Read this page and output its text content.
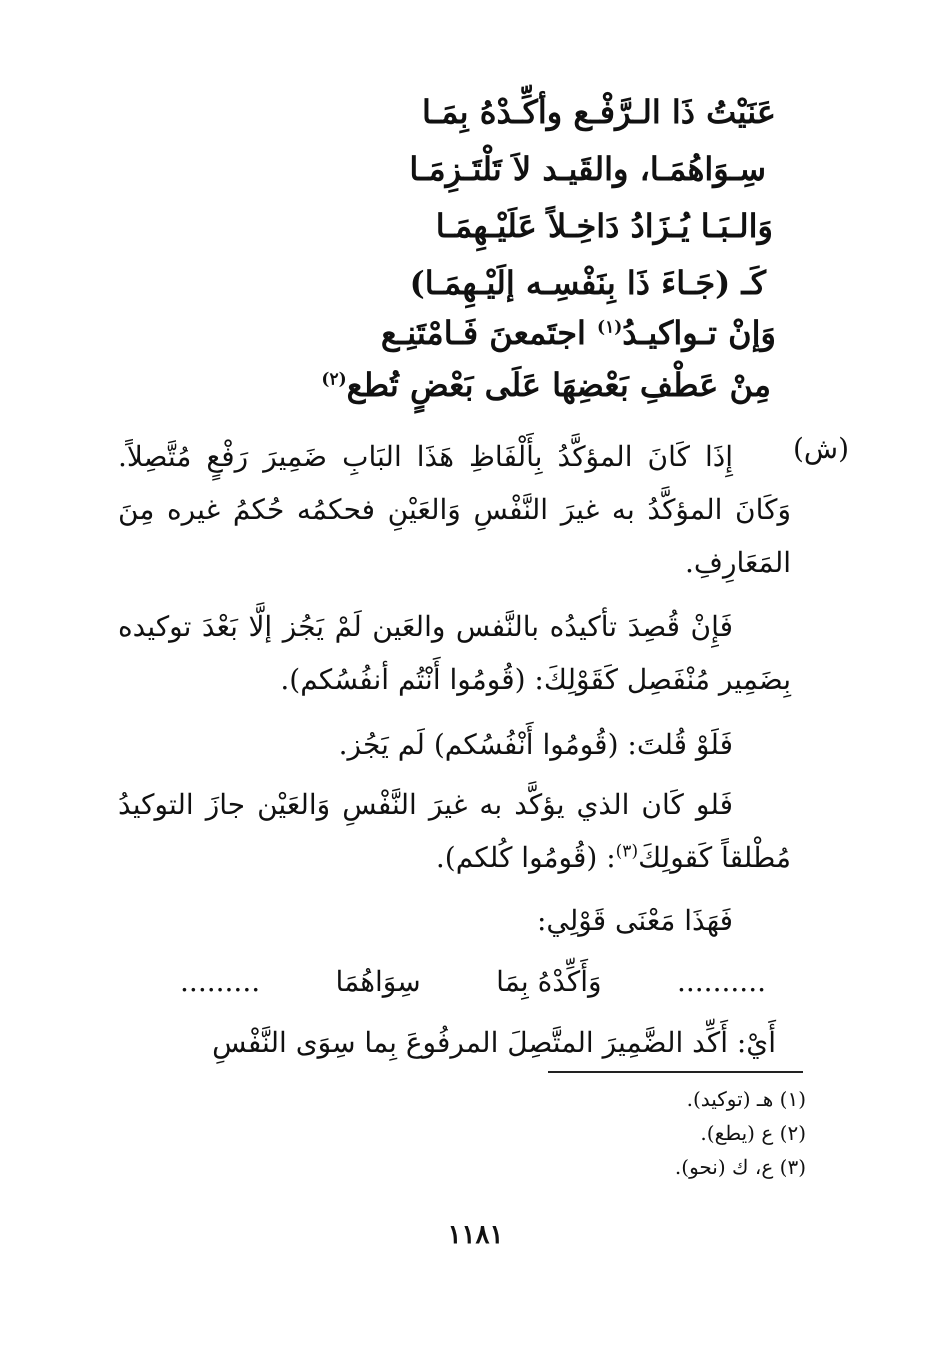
عَنَيْتُ ذَا الـرَّفْـع وأكِّـدْهُ بِمَـا
سِـوَاهُمَـا، والقَيـد لاَ تَلْتَـزِمَـا
وَالـبَـا يُـزَادُ دَاخِـلاً عَلَيْـهِمَـا
كَـ (جَـاءَ ذَا بِنَفْسِـه إلَيْـهِمَـا)
وَإنْ تـواكيـدُ$^{(١)}$ اجتَمعنَ فَـامْتَنِـع
مِنْ عَطْفِ بَعْضِهَا عَلَى بَعْضٍ تُطع$^{(٢)}$
(ش)
إِذَا كَانَ المؤكَّدُ بِأَلْفَاظِ هَذَا البَابِ ضَمِيرَ رَفْعٍ مُتَّصِلاً. وَكَانَ المؤكَّدُ به غيرَ النَّفْسِ وَالعَيْنِ فحكمُه حُكمُ غيره مِنَ المَعَارِفِ.
فَإِنْ قُصِدَ تأكيدُه بالنَّفس والعَين لَمْ يَجُز إلَّا بَعْدَ توكيده بِضَمِير مُنْفَصِل كَقَوْلِكَ: (قُومُوا أَنْتُم أنفُسُكم).
فَلَوْ قُلتَ: (قُومُوا أَنْفُسُكم) لَم يَجُز.
فَلو كَان الذي يؤكَّد به غيرَ النَّفْسِ وَالعَيْن جازَ التوكيدُ مُطْلقاً كَقولِكَ$^{(٣)}$: (قُومُوا كُلكم).
فَهَذَا مَعْنَى قَوْلِي:
..........
وَأَكِّدْهُ بِمَا
سِوَاهُمَا
.........
أَيْ: أَكِّد الضَّمِيرَ المتَّصِلَ المرفُوعَ بِما سِوَى النَّفْسِ
(١) هـ (توكيد).
(٢) ع (يطع).
(٣) ع، ك (نحو).
١١٨١
